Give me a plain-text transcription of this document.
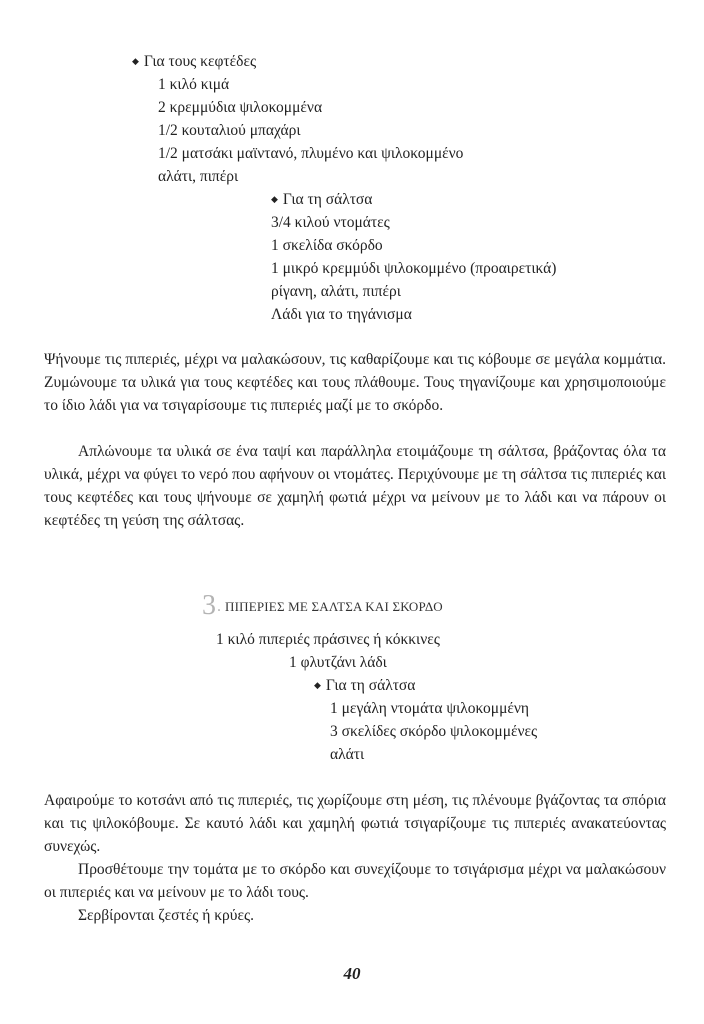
◆ Για τους κεφτέδες
1 κιλό κιμά
2 κρεμμύδια ψιλοκομμένα
1/2 κουταλιού μπαχάρι
1/2 ματσάκι μαϊντανό, πλυμένο και ψιλοκομμένο
αλάτι, πιπέρι
◆ Για τη σάλτσα
3/4 κιλού ντομάτες
1 σκελίδα σκόρδο
1 μικρό κρεμμύδι ψιλοκομμένο (προαιρετικά)
ρίγανη, αλάτι, πιπέρι
Λάδι για το τηγάνισμα

Ψήνουμε τις πιπεριές, μέχρι να μαλακώσουν, τις καθαρίζουμε και τις κόβουμε σε μεγάλα κομμάτια. Ζυμώνουμε τα υλικά για τους κεφτέδες και τους πλάθουμε. Τους τηγανίζουμε και χρησιμοποιούμε το ίδιο λάδι για να τσιγαρίσουμε τις πιπεριές μαζί με το σκόρδο.

Απλώνουμε τα υλικά σε ένα ταψί και παράλληλα ετοιμάζουμε τη σάλτσα, βράζοντας όλα τα υλικά, μέχρι να φύγει το νερό που αφήνουν οι ντομάτες. Περιχύνουμε με τη σάλτσα τις πιπεριές και τους κεφτέδες και τους ψήνουμε σε χαμηλή φωτιά μέχρι να μείνουν με το λάδι και να πάρουν οι κεφτέδες τη γεύση της σάλτσας.

3. ΠΙΠΕΡΙΕΣ ΜΕ ΣΑΛΤΣΑ ΚΑΙ ΣΚΟΡΔΟ
1 κιλό πιπεριές πράσινες ή κόκκινες
1 φλυτζάνι λάδι
◆ Για τη σάλτσα
1 μεγάλη ντομάτα ψιλοκομμένη
3 σκελίδες σκόρδο ψιλοκομμένες
αλάτι

Αφαιρούμε το κοτσάνι από τις πιπεριές, τις χωρίζουμε στη μέση, τις πλένουμε βγάζοντας τα σπόρια και τις ψιλοκόβουμε. Σε καυτό λάδι και χαμηλή φωτιά τσιγαρίζουμε τις πιπεριές ανακατεύοντας συνεχώς.

Προσθέτουμε την τομάτα με το σκόρδο και συνεχίζουμε το τσιγάρισμα μέχρι να μαλακώσουν οι πιπεριές και να μείνουν με το λάδι τους.

Σερβίρονται ζεστές ή κρύες.

40
